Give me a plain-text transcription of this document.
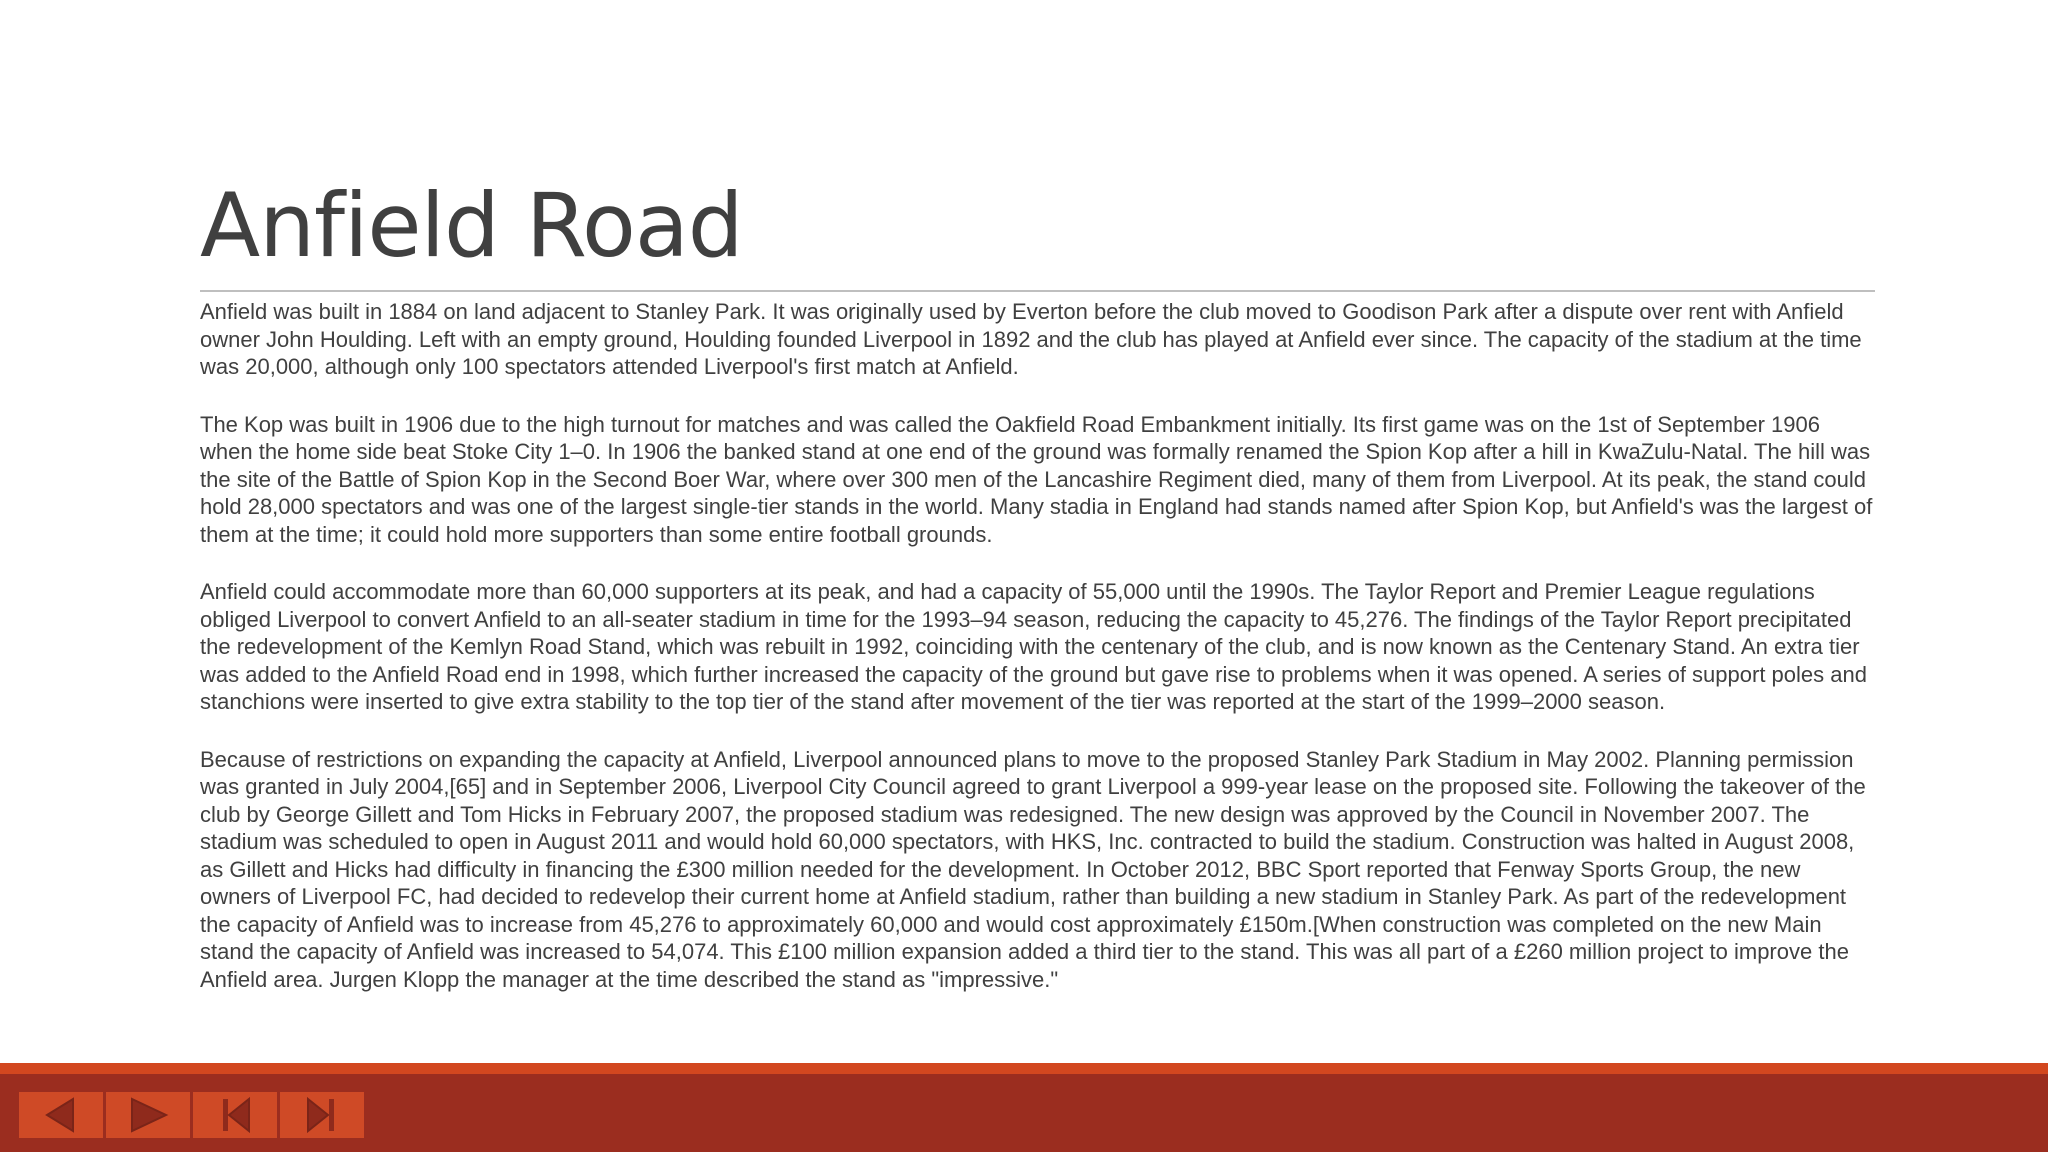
Anfield Road

Anfield was built in 1884 on land adjacent to Stanley Park. It was originally used by Everton before the club moved to Goodison Park after a dispute over rent with Anfield owner John Houlding. Left with an empty ground, Houlding founded Liverpool in 1892 and the club has played at Anfield ever since. The capacity of the stadium at the time was 20,000, although only 100 spectators attended Liverpool's first match at Anfield.

The Kop was built in 1906 due to the high turnout for matches and was called the Oakfield Road Embankment initially. Its first game was on the 1st of September 1906 when the home side beat Stoke City 1–0. In 1906 the banked stand at one end of the ground was formally renamed the Spion Kop after a hill in KwaZulu-Natal. The hill was the site of the Battle of Spion Kop in the Second Boer War, where over 300 men of the Lancashire Regiment died, many of them from Liverpool. At its peak, the stand could hold 28,000 spectators and was one of the largest single-tier stands in the world. Many stadia in England had stands named after Spion Kop, but Anfield's was the largest of them at the time; it could hold more supporters than some entire football grounds.

Anfield could accommodate more than 60,000 supporters at its peak, and had a capacity of 55,000 until the 1990s. The Taylor Report and Premier League regulations obliged Liverpool to convert Anfield to an all-seater stadium in time for the 1993–94 season, reducing the capacity to 45,276. The findings of the Taylor Report precipitated the redevelopment of the Kemlyn Road Stand, which was rebuilt in 1992, coinciding with the centenary of the club, and is now known as the Centenary Stand. An extra tier was added to the Anfield Road end in 1998, which further increased the capacity of the ground but gave rise to problems when it was opened. A series of support poles and stanchions were inserted to give extra stability to the top tier of the stand after movement of the tier was reported at the start of the 1999–2000 season.

Because of restrictions on expanding the capacity at Anfield, Liverpool announced plans to move to the proposed Stanley Park Stadium in May 2002. Planning permission was granted in July 2004,[65] and in September 2006, Liverpool City Council agreed to grant Liverpool a 999-year lease on the proposed site. Following the takeover of the club by George Gillett and Tom Hicks in February 2007, the proposed stadium was redesigned. The new design was approved by the Council in November 2007. The stadium was scheduled to open in August 2011 and would hold 60,000 spectators, with HKS, Inc. contracted to build the stadium. Construction was halted in August 2008, as Gillett and Hicks had difficulty in financing the £300 million needed for the development. In October 2012, BBC Sport reported that Fenway Sports Group, the new owners of Liverpool FC, had decided to redevelop their current home at Anfield stadium, rather than building a new stadium in Stanley Park. As part of the redevelopment the capacity of Anfield was to increase from 45,276 to approximately 60,000 and would cost approximately £150m.[When construction was completed on the new Main stand the capacity of Anfield was increased to 54,074. This £100 million expansion added a third tier to the stand. This was all part of a £260 million project to improve the Anfield area. Jurgen Klopp the manager at the time described the stand as "impressive."
